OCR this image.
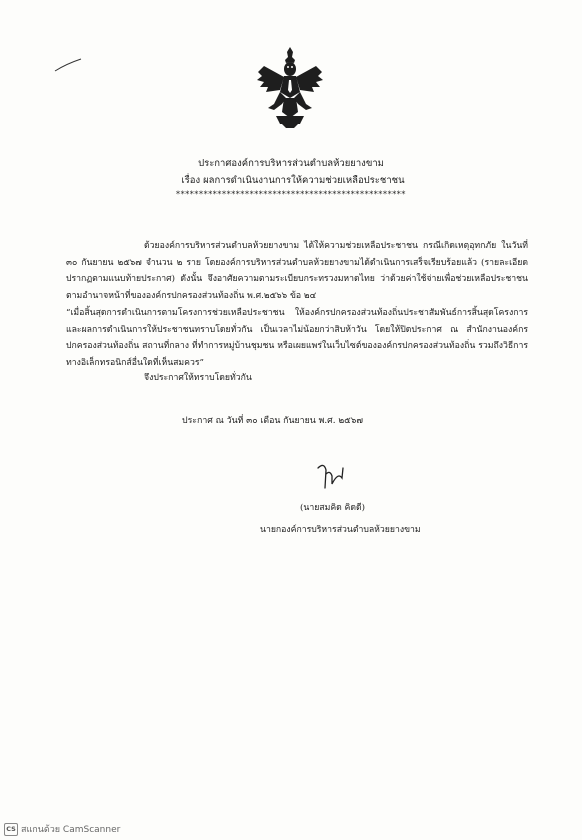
ประกาศองค์การบริหารส่วนตำบลห้วยยางขาม
เรื่อง ผลการดำเนินงานการให้ความช่วยเหลือประชาชน
**************************************************

ด้วยองค์การบริหารส่วนตำบลห้วยยางขาม ได้ให้ความช่วยเหลือประชาชน กรณีเกิดเหตุอุทกภัย ในวันที่ ๓๐ กันยายน ๒๕๖๗ จำนวน ๒ ราย โดยองค์การบริหารส่วนตำบลห้วยยางขามได้ดำเนินการเสร็จเรียบร้อยแล้ว (รายละเอียดปรากฏตามแนบท้ายประกาศ) ดังนั้น จึงอาศัยความตามระเบียบกระทรวงมหาดไทย ว่าด้วยค่าใช้จ่ายเพื่อช่วยเหลือประชาชนตามอำนาจหน้าที่ขององค์กรปกครองส่วนท้องถิ่น พ.ศ.๒๕๖๖ ข้อ ๒๔

“เมื่อสิ้นสุดการดำเนินการตามโครงการช่วยเหลือประชาชน ให้องค์กรปกครองส่วนท้องถิ่นประชาสัมพันธ์การสิ้นสุดโครงการและผลการดำเนินการให้ประชาชนทราบโดยทั่วกัน เป็นเวลาไม่น้อยกว่าสิบห้าวัน โดยให้ปิดประกาศ ณ สำนักงานองค์กรปกครองส่วนท้องถิ่น สถานที่กลาง ที่ทำการหมู่บ้านชุมชน หรือเผยแพร่ในเว็บไซต์ขององค์กรปกครองส่วนท้องถิ่น รวมถึงวิธีการทางอิเล็กทรอนิกส์อื่นใดที่เห็นสมควร”

จึงประกาศให้ทราบโดยทั่วกัน
ประกาศ ณ วันที่ ๓๐ เดือน กันยายน พ.ศ. ๒๕๖๗
(นายสมคิด คิดดี)
นายกองค์การบริหารส่วนตำบลห้วยยางขาม
CS สแกนด้วย CamScanner
